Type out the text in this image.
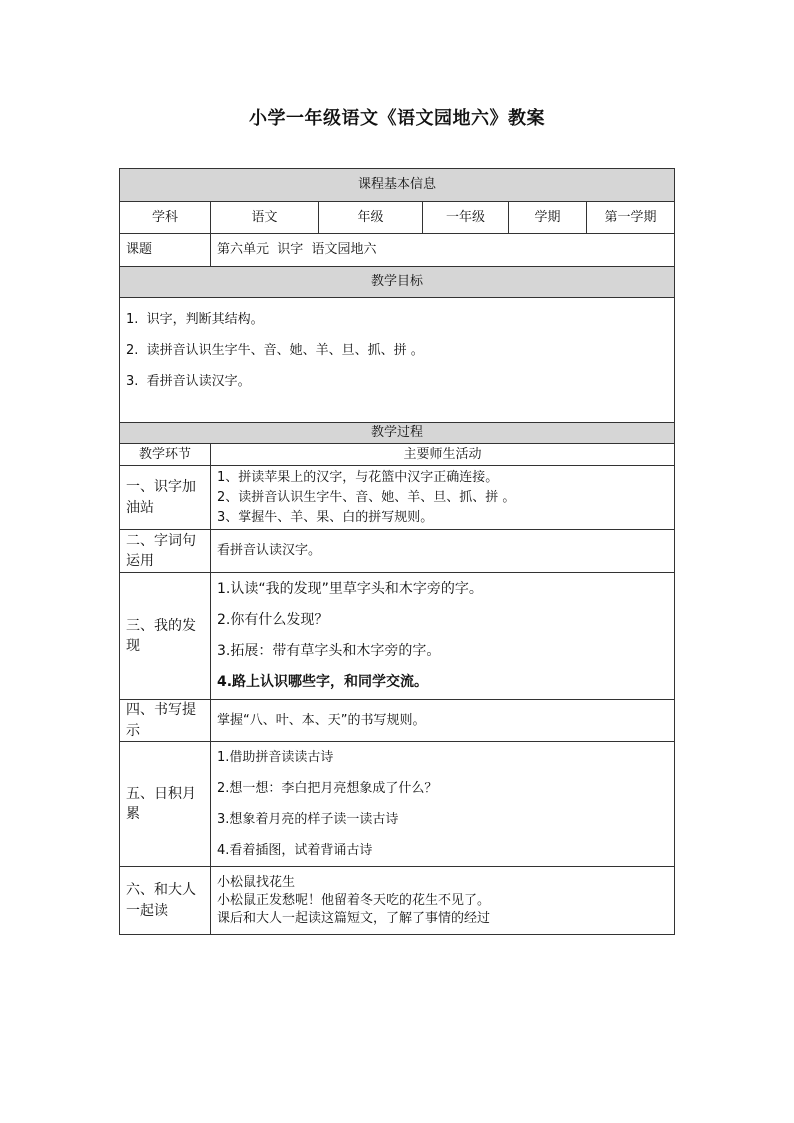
小学一年级语文《语文园地六》教案
课程基本信息					
学科	语文	年级	一年级	学期	第一学期
课题	第六单元  识字  语文园地六				
教学目标					

1.  识字，判断其结构。
2.  读拼音认识生字牛、音、她、羊、旦、抓、拼 。
3.  看拼音认读汉字。					

教学过程					
教学环节	主要师生活动				
一、识字加油站	1、拼读苹果上的汉字，与花篮中汉字正确连接。
2、读拼音认识生字牛、音、她、羊、旦、抓、拼 。
3、掌握牛、羊、果、白的拼写规则。				

二、字词句运用	看拼音认读汉字。				

三、我的发现	1.认读“我的发现”里草字头和木字旁的字。
2.你有什么发现？
3.拓展：带有草字头和木字旁的字。
4.路上认识哪些字，和同学交流。				

四、书写提示	掌握“八、叶、本、天”的书写规则。				

五、日积月累	1.借助拼音读读古诗
2.想一想：李白把月亮想象成了什么？
3.想象着月亮的样子读一读古诗
4.看着插图，试着背诵古诗				

六、和大人一起读	小松鼠找花生
小松鼠正发愁呢！他留着冬天吃的花生不见了。
课后和大人一起读这篇短文，了解了事情的经过				
